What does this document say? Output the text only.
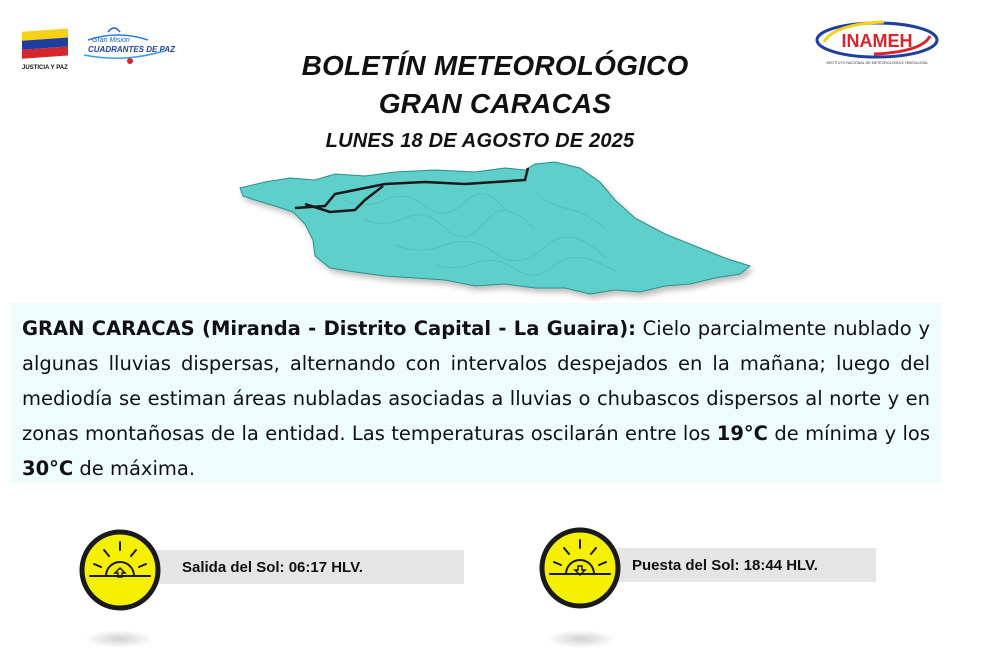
JUSTICIA Y PAZ
Gran Misión
CUADRANTES DE PAZ	INAMEH
INSTITUTO NACIONAL DE METEOROLOGÍA E HIDROLOGÍA
BOLETÍN METEOROLÓGICO
GRAN CARACAS
LUNES 18 DE AGOSTO DE 2025

GRAN CARACAS (Miranda - Distrito Capital - La Guaira): Cielo parcialmente nublado y algunas lluvias dispersas, alternando con intervalos despejados en la mañana; luego del mediodía se estiman áreas nubladas asociadas a lluvias o chubascos dispersos al norte y en zonas montañosas de la entidad. Las temperaturas oscilarán entre los 19°C de mínima y los 30°C de máxima.

Salida del Sol: 06:17 HLV.	Puesta del Sol: 18:44 HLV.
